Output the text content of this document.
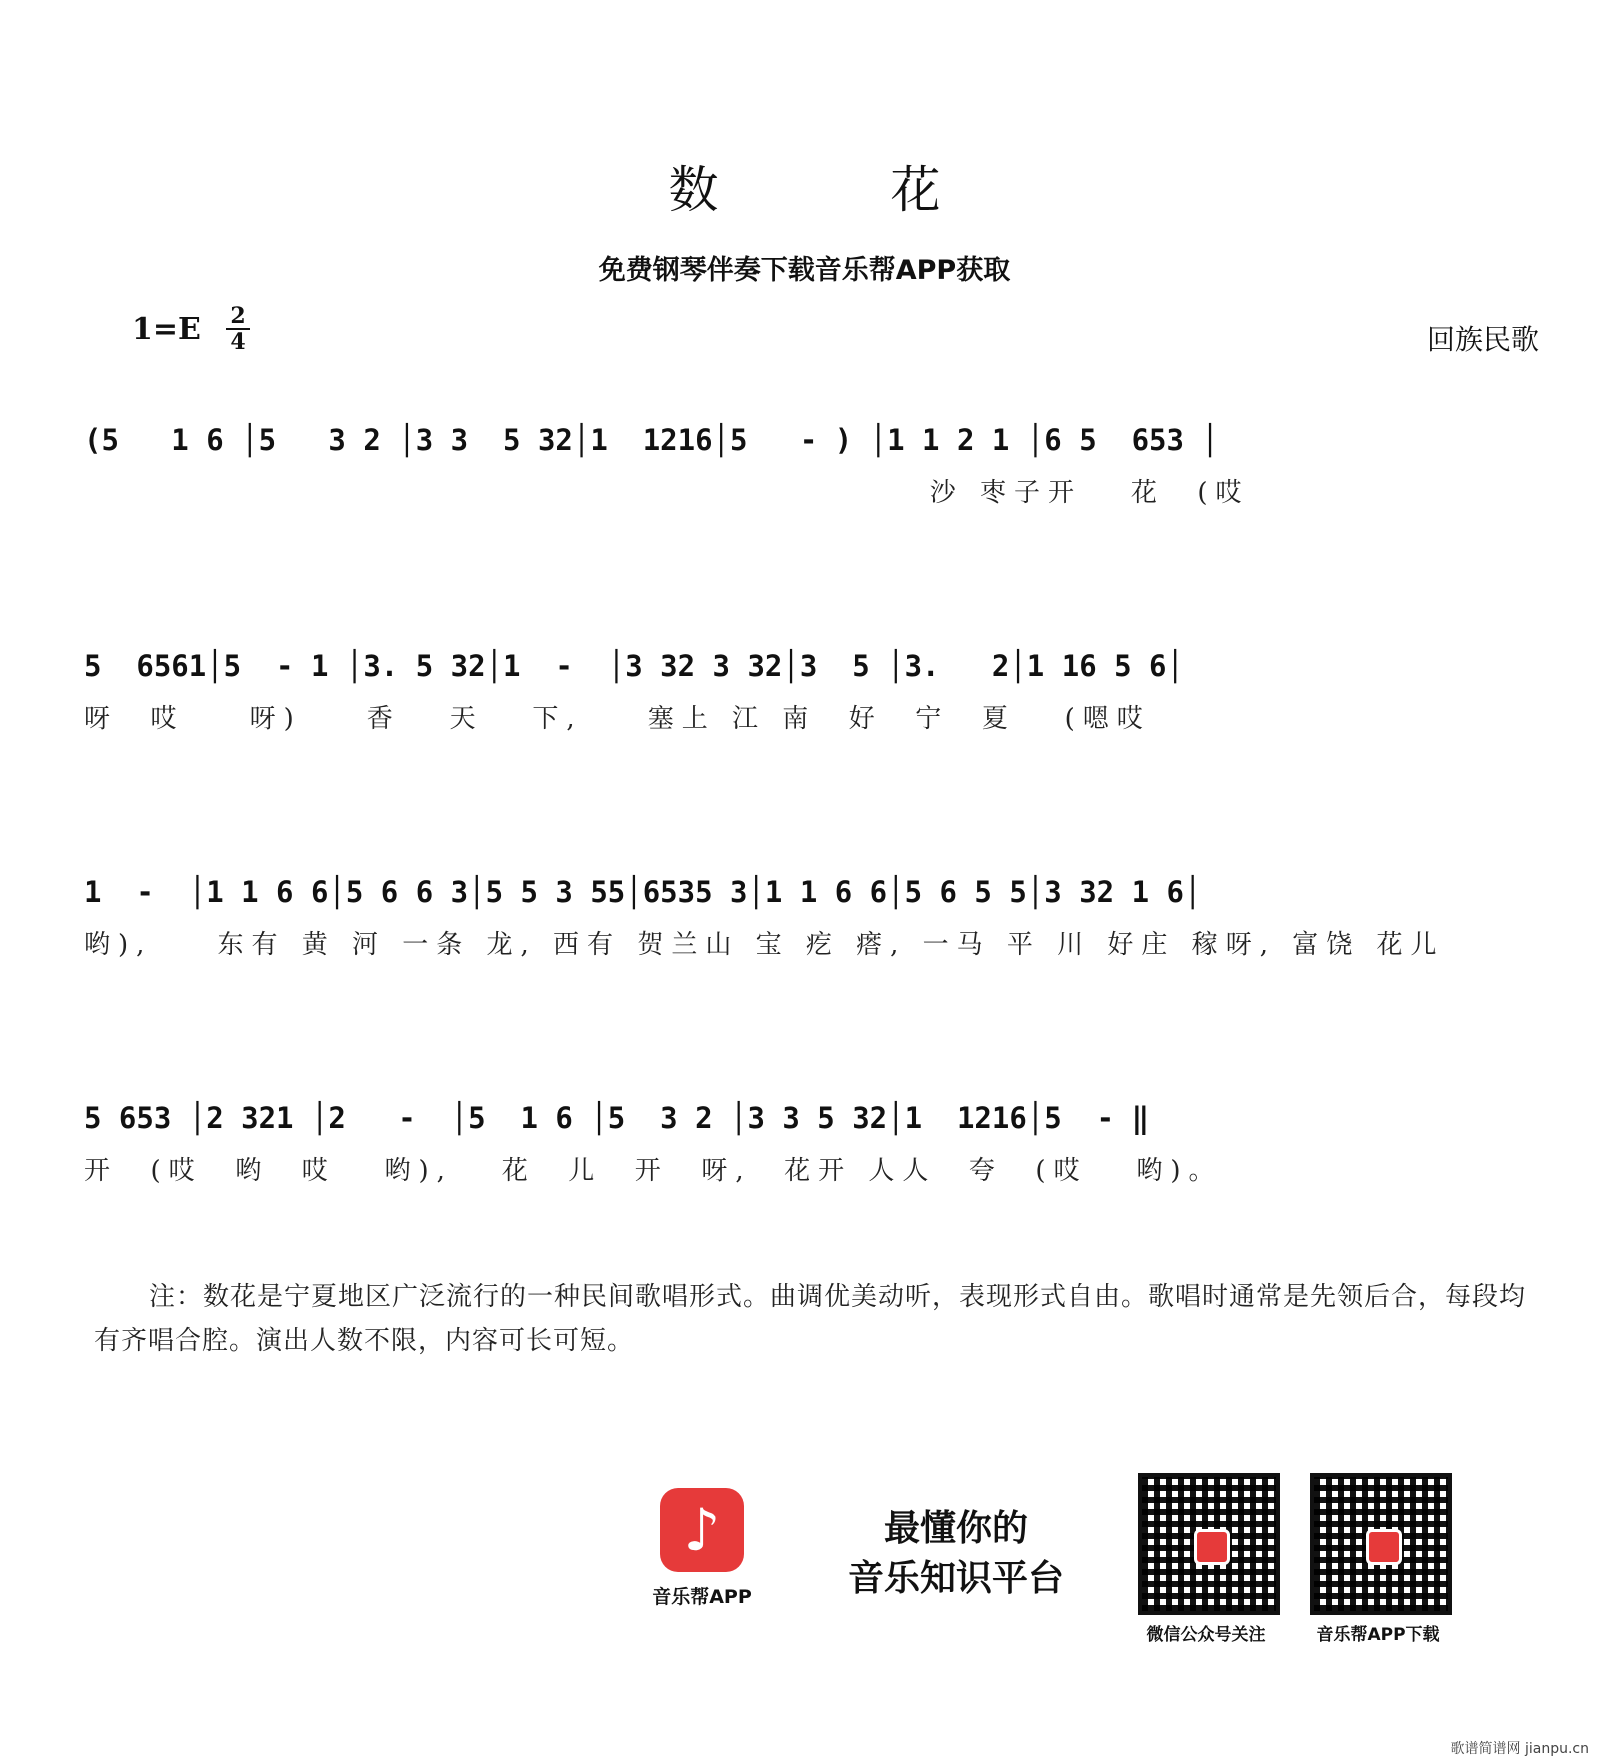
数 花
免费钢琴伴奏下载音乐帮APP获取
1=E 2
4	回族民歌
(5   1 6 │5   3 2 │3 3  5 32│1  1216│5   - ) │1 1 2 1 │6 5  653 │
沙 枣子开   花  (哎
5  6561│5  - 1 │3. 5 32│1  -  │3 32 3 32│3  5 │3.   2│1 16 5 6│
呀  哎    呀)    香   天   下,    塞上 江 南  好  宁  夏   (嗯哎
1  -  │1 1 6 6│5 6 6 3│5 5 3 55│6535 3│1 1 6 6│5 6 5 5│3 32 1 6│
哟),    东有 黄 河 一条 龙, 西有 贺兰山 宝 疙 瘩, 一马 平 川 好庄 稼呀, 富饶 花儿
5 653 │2 321 │2   -  │5  1 6 │5  3 2 │3 3 5 32│1  1216│5  - ‖
开  (哎  哟  哎   哟),   花  儿  开  呀,  花开 人人  夸  (哎   哟)。
注：数花是宁夏地区广泛流行的一种民间歌唱形式。曲调优美动听，表现形式自由。歌唱时通常是先领后合，每段均有齐唱合腔。演出人数不限，内容可长可短。
♪
音乐帮APP
最懂你的
音乐知识平台
微信公众号关注	音乐帮APP下载
歌谱简谱网 jianpu.cn
